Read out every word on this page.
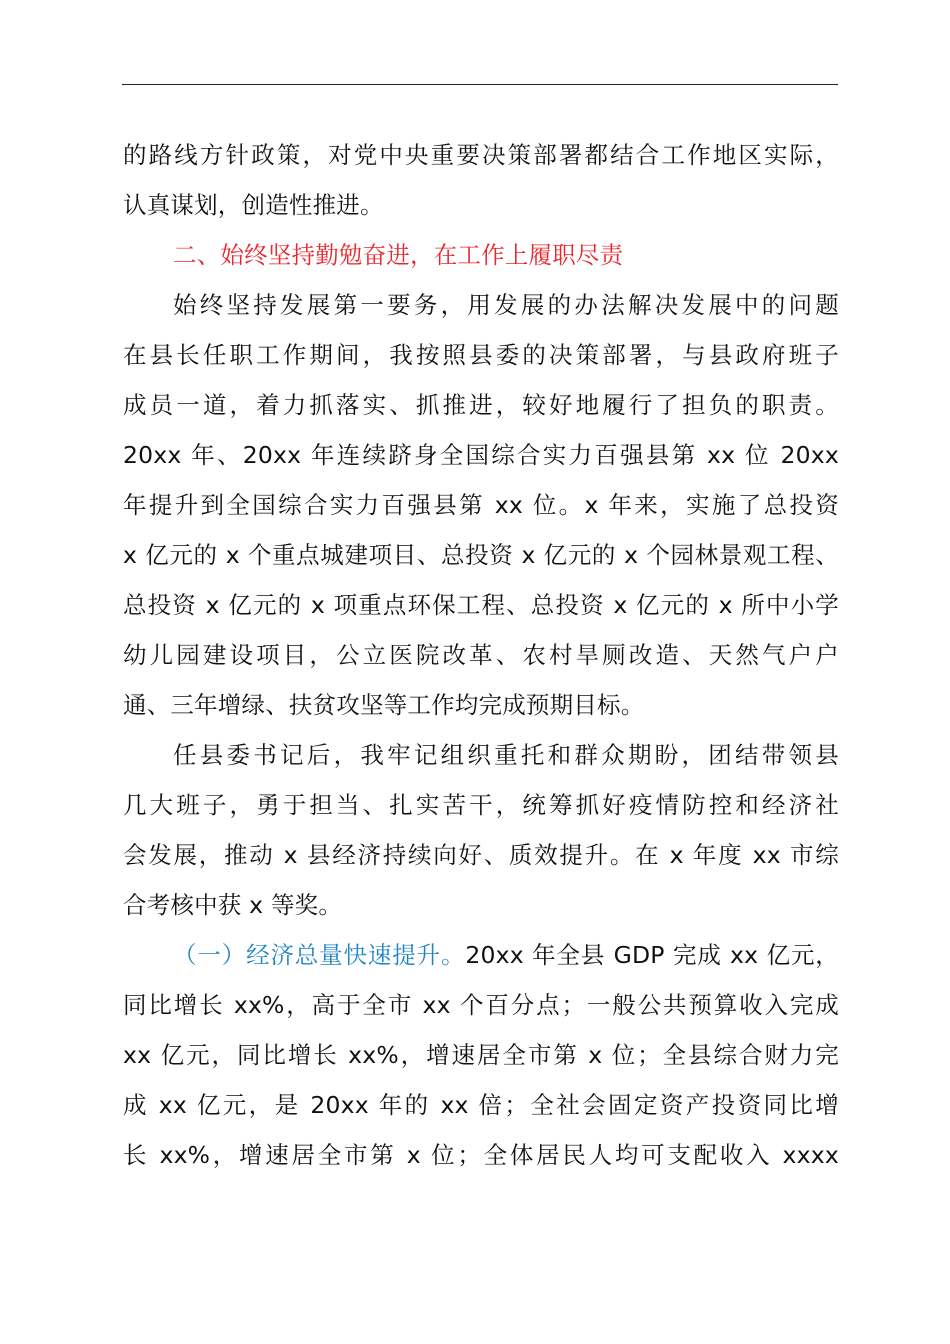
的路线方针政策，对党中央重要决策部署都结合工作地区实际，
认真谋划，创造性推进。
二、始终坚持勤勉奋进，在工作上履职尽责
始终坚持发展第一要务，用发展的办法解决发展中的问题
在县长任职工作期间，我按照县委的决策部署，与县政府班子
成员一道，着力抓落实、抓推进，较好地履行了担负的职责。
20xx 年、20xx 年连续跻身全国综合实力百强县第 xx 位 20xx
年提升到全国综合实力百强县第 xx 位。x 年来，实施了总投资
x 亿元的 x 个重点城建项目、总投资 x 亿元的 x 个园林景观工程、
总投资 x 亿元的 x 项重点环保工程、总投资 x 亿元的 x 所中小学
幼儿园建设项目，公立医院改革、农村旱厕改造、天然气户户
通、三年增绿、扶贫攻坚等工作均完成预期目标。
任县委书记后，我牢记组织重托和群众期盼，团结带领县
几大班子，勇于担当、扎实苦干，统筹抓好疫情防控和经济社
会发展，推动 x 县经济持续向好、质效提升。在 x 年度 xx 市综
合考核中获 x 等奖。
（一）经济总量快速提升。20xx 年全县 GDP 完成 xx 亿元，
同比增长 xx%，高于全市 xx 个百分点；一般公共预算收入完成
xx 亿元，同比增长 xx%，增速居全市第 x 位；全县综合财力完
成 xx 亿元，是 20xx 年的 xx 倍；全社会固定资产投资同比增
长 xx%，增速居全市第 x 位；全体居民人均可支配收入 xxxx
